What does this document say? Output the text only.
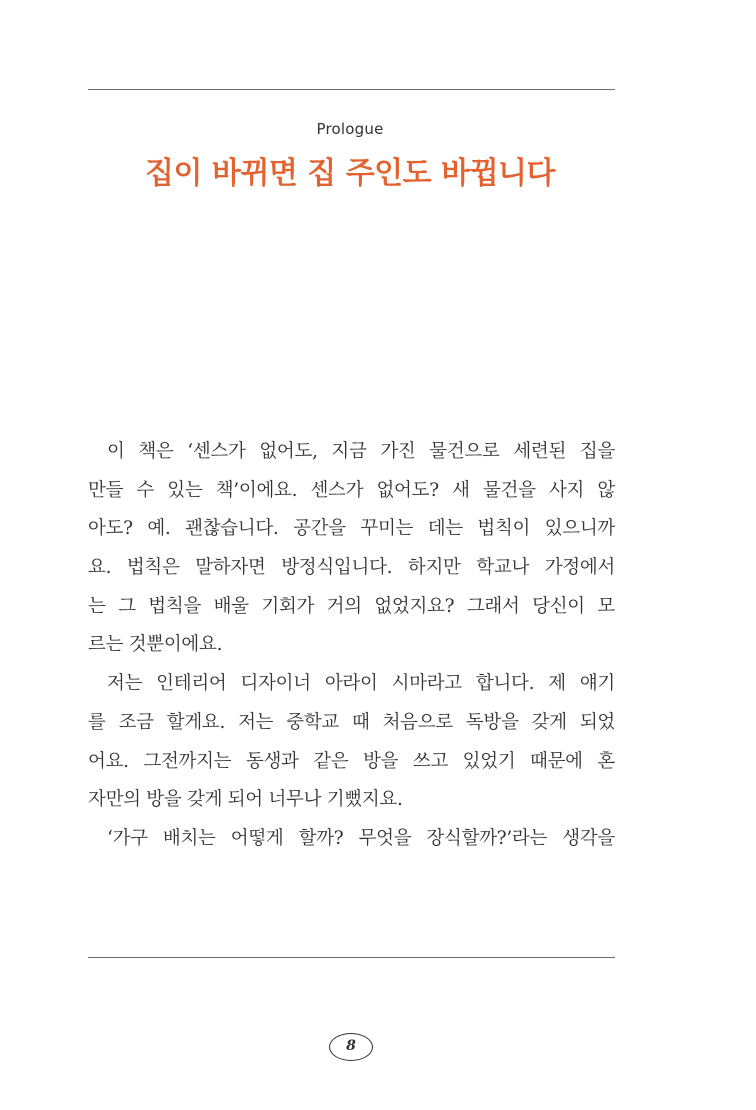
Prologue
집이 바뀌면 집 주인도 바뀝니다
이 책은 ‘센스가 없어도, 지금 가진 물건으로 세련된 집을
만들 수 있는 책’이에요. 센스가 없어도? 새 물건을 사지 않
아도? 예. 괜찮습니다. 공간을 꾸미는 데는 법칙이 있으니까
요. 법칙은 말하자면 방정식입니다. 하지만 학교나 가정에서
는 그 법칙을 배울 기회가 거의 없었지요? 그래서 당신이 모
르는 것뿐이에요.
저는 인테리어 디자이너 아라이 시마라고 합니다. 제 얘기
를 조금 할게요. 저는 중학교 때 처음으로 독방을 갖게 되었
어요. 그전까지는 동생과 같은 방을 쓰고 있었기 때문에 혼
자만의 방을 갖게 되어 너무나 기뻤지요.
‘가구 배치는 어떻게 할까? 무엇을 장식할까?’라는 생각을
8
